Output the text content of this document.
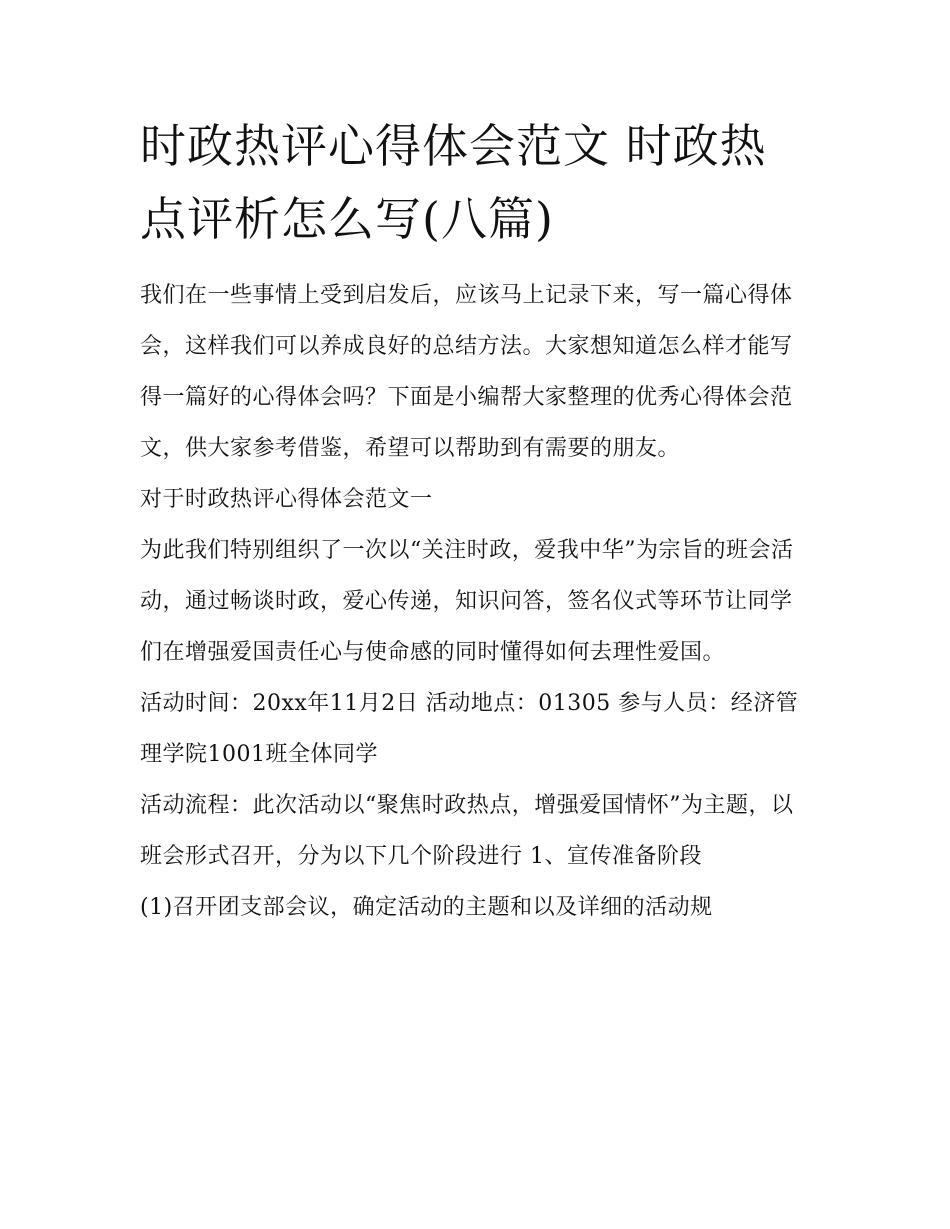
时政热评心得体会范文 时政热点评析怎么写(八篇)

我们在一些事情上受到启发后，应该马上记录下来，写一篇心得体会，这样我们可以养成良好的总结方法。大家想知道怎么样才能写得一篇好的心得体会吗？下面是小编帮大家整理的优秀心得体会范文，供大家参考借鉴，希望可以帮助到有需要的朋友。

对于时政热评心得体会范文一

为此我们特别组织了一次以“关注时政，爱我中华”为宗旨的班会活动，通过畅谈时政，爱心传递，知识问答，签名仪式等环节让同学们在增强爱国责任心与使命感的同时懂得如何去理性爱国。

活动时间：20xx年11月2日 活动地点：01305 参与人员：经济管理学院1001班全体同学

活动流程：此次活动以“聚焦时政热点，增强爱国情怀”为主题，以班会形式召开，分为以下几个阶段进行 1、宣传准备阶段

(1)召开团支部会议，确定活动的主题和以及详细的活动规
